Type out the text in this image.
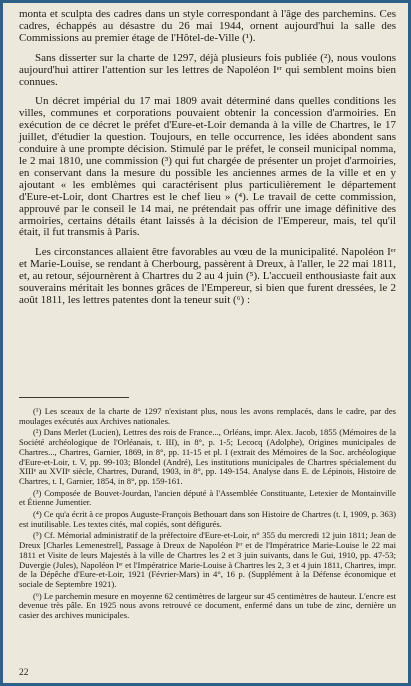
monta et sculpta des cadres dans un style correspondant à l'âge des parchemins. Ces cadres, échappés au désastre du 26 mai 1944, ornent aujourd'hui la salle des Commissions au premier étage de l'Hôtel-de-Ville (¹).

Sans disserter sur la charte de 1297, déjà plusieurs fois publiée (²), nous voulons aujourd'hui attirer l'attention sur les lettres de Napoléon Iᵉʳ qui semblent moins bien connues.

Un décret impérial du 17 mai 1809 avait déterminé dans quelles conditions les villes, communes et corporations pouvaient obtenir la concession d'armoiries. En exécution de ce décret le préfet d'Eure-et-Loir demanda à la ville de Chartres, le 17 juillet, d'étudier la question. Toujours, en telle occurrence, les idées abondent sans conduire à une prompte décision. Stimulé par le préfet, le conseil municipal nomma, le 2 mai 1810, une commission (³) qui fut chargée de présenter un projet d'armoiries, en conservant dans la mesure du possible les anciennes armes de la ville et en y ajoutant « les emblèmes qui caractérisent plus particulièrement le département d'Eure-et-Loir, dont Chartres est le chef lieu » (⁴). Le travail de cette commission, approuvé par le conseil le 14 mai, ne prétendait pas offrir une image définitive des armoiries, certains détails étant laissés à la décision de l'Empereur, mais, tel qu'il était, il fut transmis à Paris.

Les circonstances allaient être favorables au vœu de la municipalité. Napoléon Iᵉʳ et Marie-Louise, se rendant à Cherbourg, passèrent à Dreux, à l'aller, le 22 mai 1811, et, au retour, séjournèrent à Chartres du 2 au 4 juin (⁵). L'accueil enthousiaste fait aux souverains méritait les bonnes grâces de l'Empereur, si bien que furent dressées, le 2 août 1811, les lettres patentes dont la teneur suit (⁶) :

(¹) Les sceaux de la charte de 1297 n'existant plus, nous les avons remplacés, dans le cadre, par des moulages exécutés aux Archives nationales.

(²) Dans Merlet (Lucien), Lettres des rois de France..., Orléans, impr. Alex. Jacob, 1855 (Mémoires de la Société archéologique de l'Orléanais, t. III), in 8°, p. 1-5; Lecocq (Adolphe), Origines municipales de Chartres..., Chartres, Garnier, 1869, in 8°, pp. 11-15 et pl. I (extrait des Mémoires de la Soc. archéologique d'Eure-et-Loir, t. V, pp. 99-103; Blondel (André), Les institutions municipales de Chartres spécialement du XIIIᵉ au XVIIᵉ siècle, Chartres, Durand, 1903, in 8°, pp. 149-154. Analyse dans E. de Lépinois, Histoire de Chartres, t. I, Garnier, 1854, in 8°, pp. 159-161.

(³) Composée de Bouvet-Jourdan, l'ancien député à l'Assemblée Constituante, Letexier de Montainville et Étienne Jumentier.

(⁴) Ce qu'a écrit à ce propos Auguste-François Bethouart dans son Histoire de Chartres (t. I, 1909, p. 363) est inutilisable. Les textes cités, mal copiés, sont défigurés.

(⁵) Cf. Mémorial administratif de la préfectoire d'Eure-et-Loir, n° 355 du mercredi 12 juin 1811; Jean de Dreux [Charles Lemenestrel], Passage à Dreux de Napoléon Iᵉʳ et de l'Impératrice Marie-Louise le 22 mai 1811 et Visite de leurs Majestés à la ville de Chartres les 2 et 3 juin suivants, dans le Gui, 1910, pp. 47-53; Duvergie (Jules), Napoléon Iᵉʳ et l'Impératrice Marie-Louise à Chartres les 2, 3 et 4 juin 1811, Chartres, impr. de la Dépêche d'Eure-et-Loir, 1921 (Février-Mars) in 4°, 16 p. (Supplément à la Défense économique et sociale de Septembre 1921).

(⁶) Le parchemin mesure en moyenne 62 centimètres de largeur sur 45 centimètres de hauteur. L'encre est devenue très pâle. En 1925 nous avons retrouvé ce document, enfermé dans un tube de zinc, dernière un casier des archives municipales.

22
